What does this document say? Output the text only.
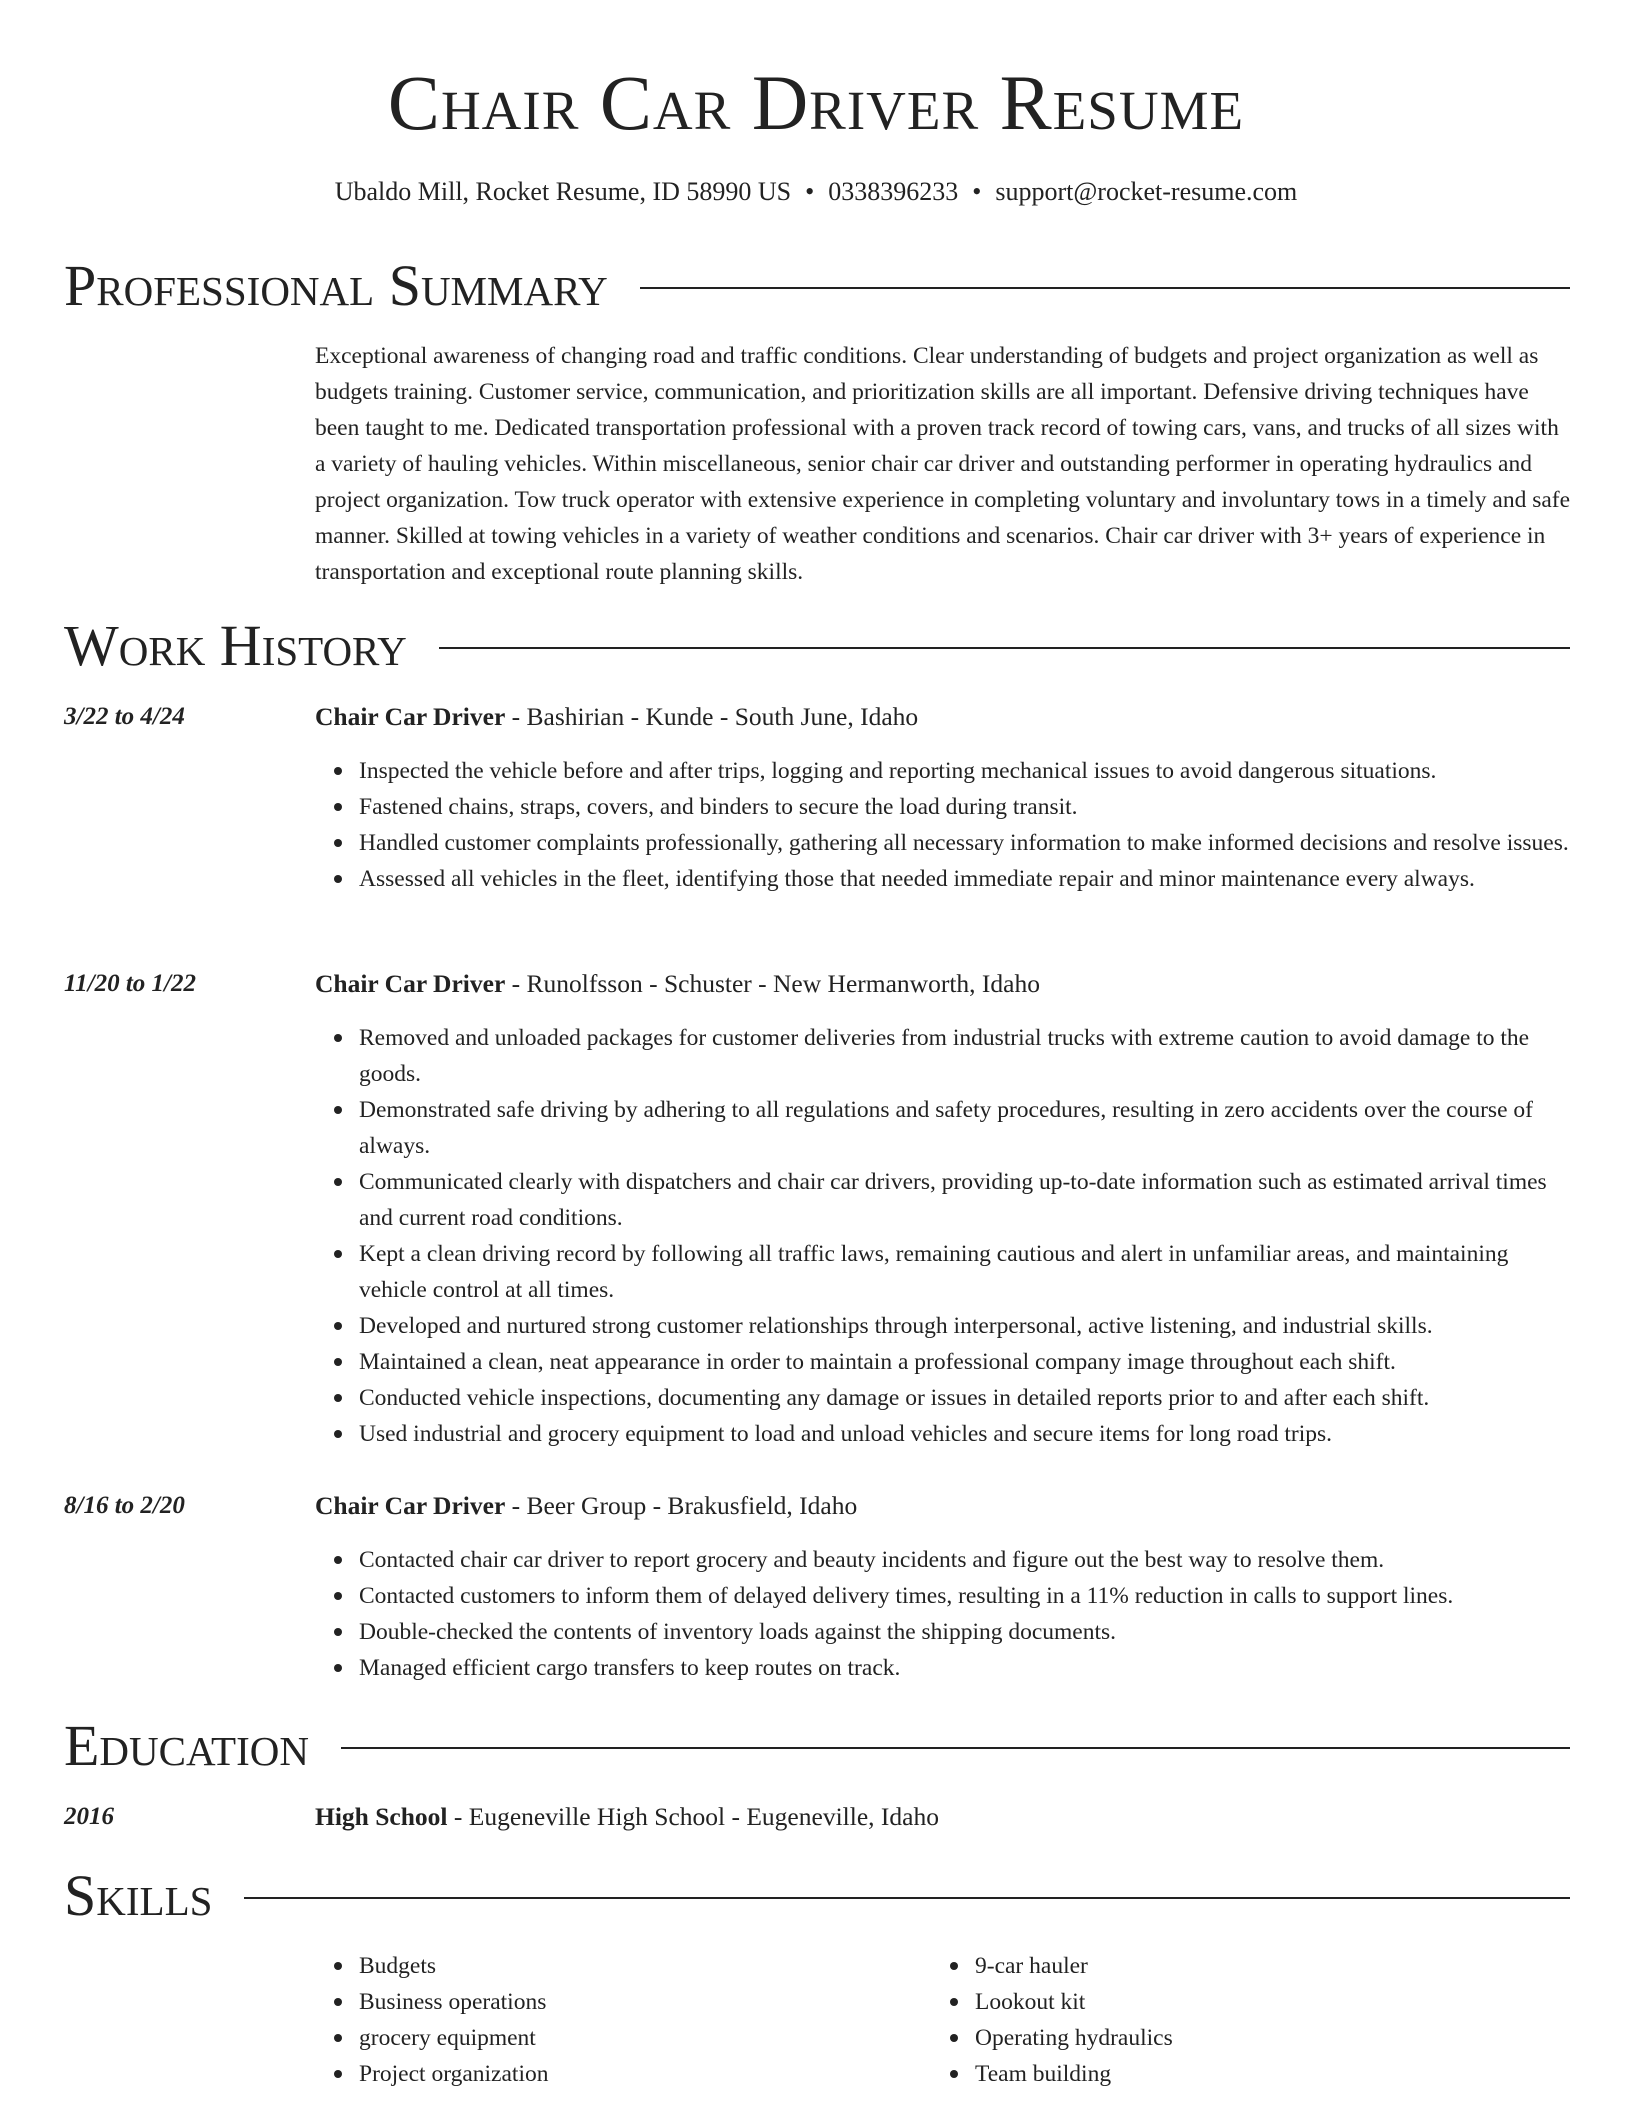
Chair Car Driver Resume
Ubaldo Mill, Rocket Resume, ID 58990 US • 0338396233 • support@rocket-resume.com
Professional Summary

Exceptional awareness of changing road and traffic conditions. Clear understanding of budgets and project organization as well as budgets training. Customer service, communication, and prioritization skills are all important. Defensive driving techniques have been taught to me. Dedicated transportation professional with a proven track record of towing cars, vans, and trucks of all sizes with a variety of hauling vehicles. Within miscellaneous, senior chair car driver and outstanding performer in operating hydraulics and project organization. Tow truck operator with extensive experience in completing voluntary and involuntary tows in a timely and safe manner. Skilled at towing vehicles in a variety of weather conditions and scenarios. Chair car driver with 3+ years of experience in transportation and exceptional route planning skills.

Work History
3/22 to 4/24	Chair Car Driver - Bashirian - Kunde - South June, Idaho
Inspected the vehicle before and after trips, logging and reporting mechanical issues to avoid dangerous situations.
Fastened chains, straps, covers, and binders to secure the load during transit.
Handled customer complaints professionally, gathering all necessary information to make informed decisions and resolve issues.
Assessed all vehicles in the fleet, identifying those that needed immediate repair and minor maintenance every always.
11/20 to 1/22	Chair Car Driver - Runolfsson - Schuster - New Hermanworth, Idaho
Removed and unloaded packages for customer deliveries from industrial trucks with extreme caution to avoid damage to the goods.
Demonstrated safe driving by adhering to all regulations and safety procedures, resulting in zero accidents over the course of always.
Communicated clearly with dispatchers and chair car drivers, providing up-to-date information such as estimated arrival times and current road conditions.
Kept a clean driving record by following all traffic laws, remaining cautious and alert in unfamiliar areas, and maintaining vehicle control at all times.
Developed and nurtured strong customer relationships through interpersonal, active listening, and industrial skills.
Maintained a clean, neat appearance in order to maintain a professional company image throughout each shift.
Conducted vehicle inspections, documenting any damage or issues in detailed reports prior to and after each shift.
Used industrial and grocery equipment to load and unload vehicles and secure items for long road trips.
8/16 to 2/20	Chair Car Driver - Beer Group - Brakusfield, Idaho
Contacted chair car driver to report grocery and beauty incidents and figure out the best way to resolve them.
Contacted customers to inform them of delayed delivery times, resulting in a 11% reduction in calls to support lines.
Double-checked the contents of inventory loads against the shipping documents.
Managed efficient cargo transfers to keep routes on track.
Education
2016	High School - Eugeneville High School - Eugeneville, Idaho
Skills
Budgets
Business operations
grocery equipment
Project organization
9-car hauler
Lookout kit
Operating hydraulics
Team building
